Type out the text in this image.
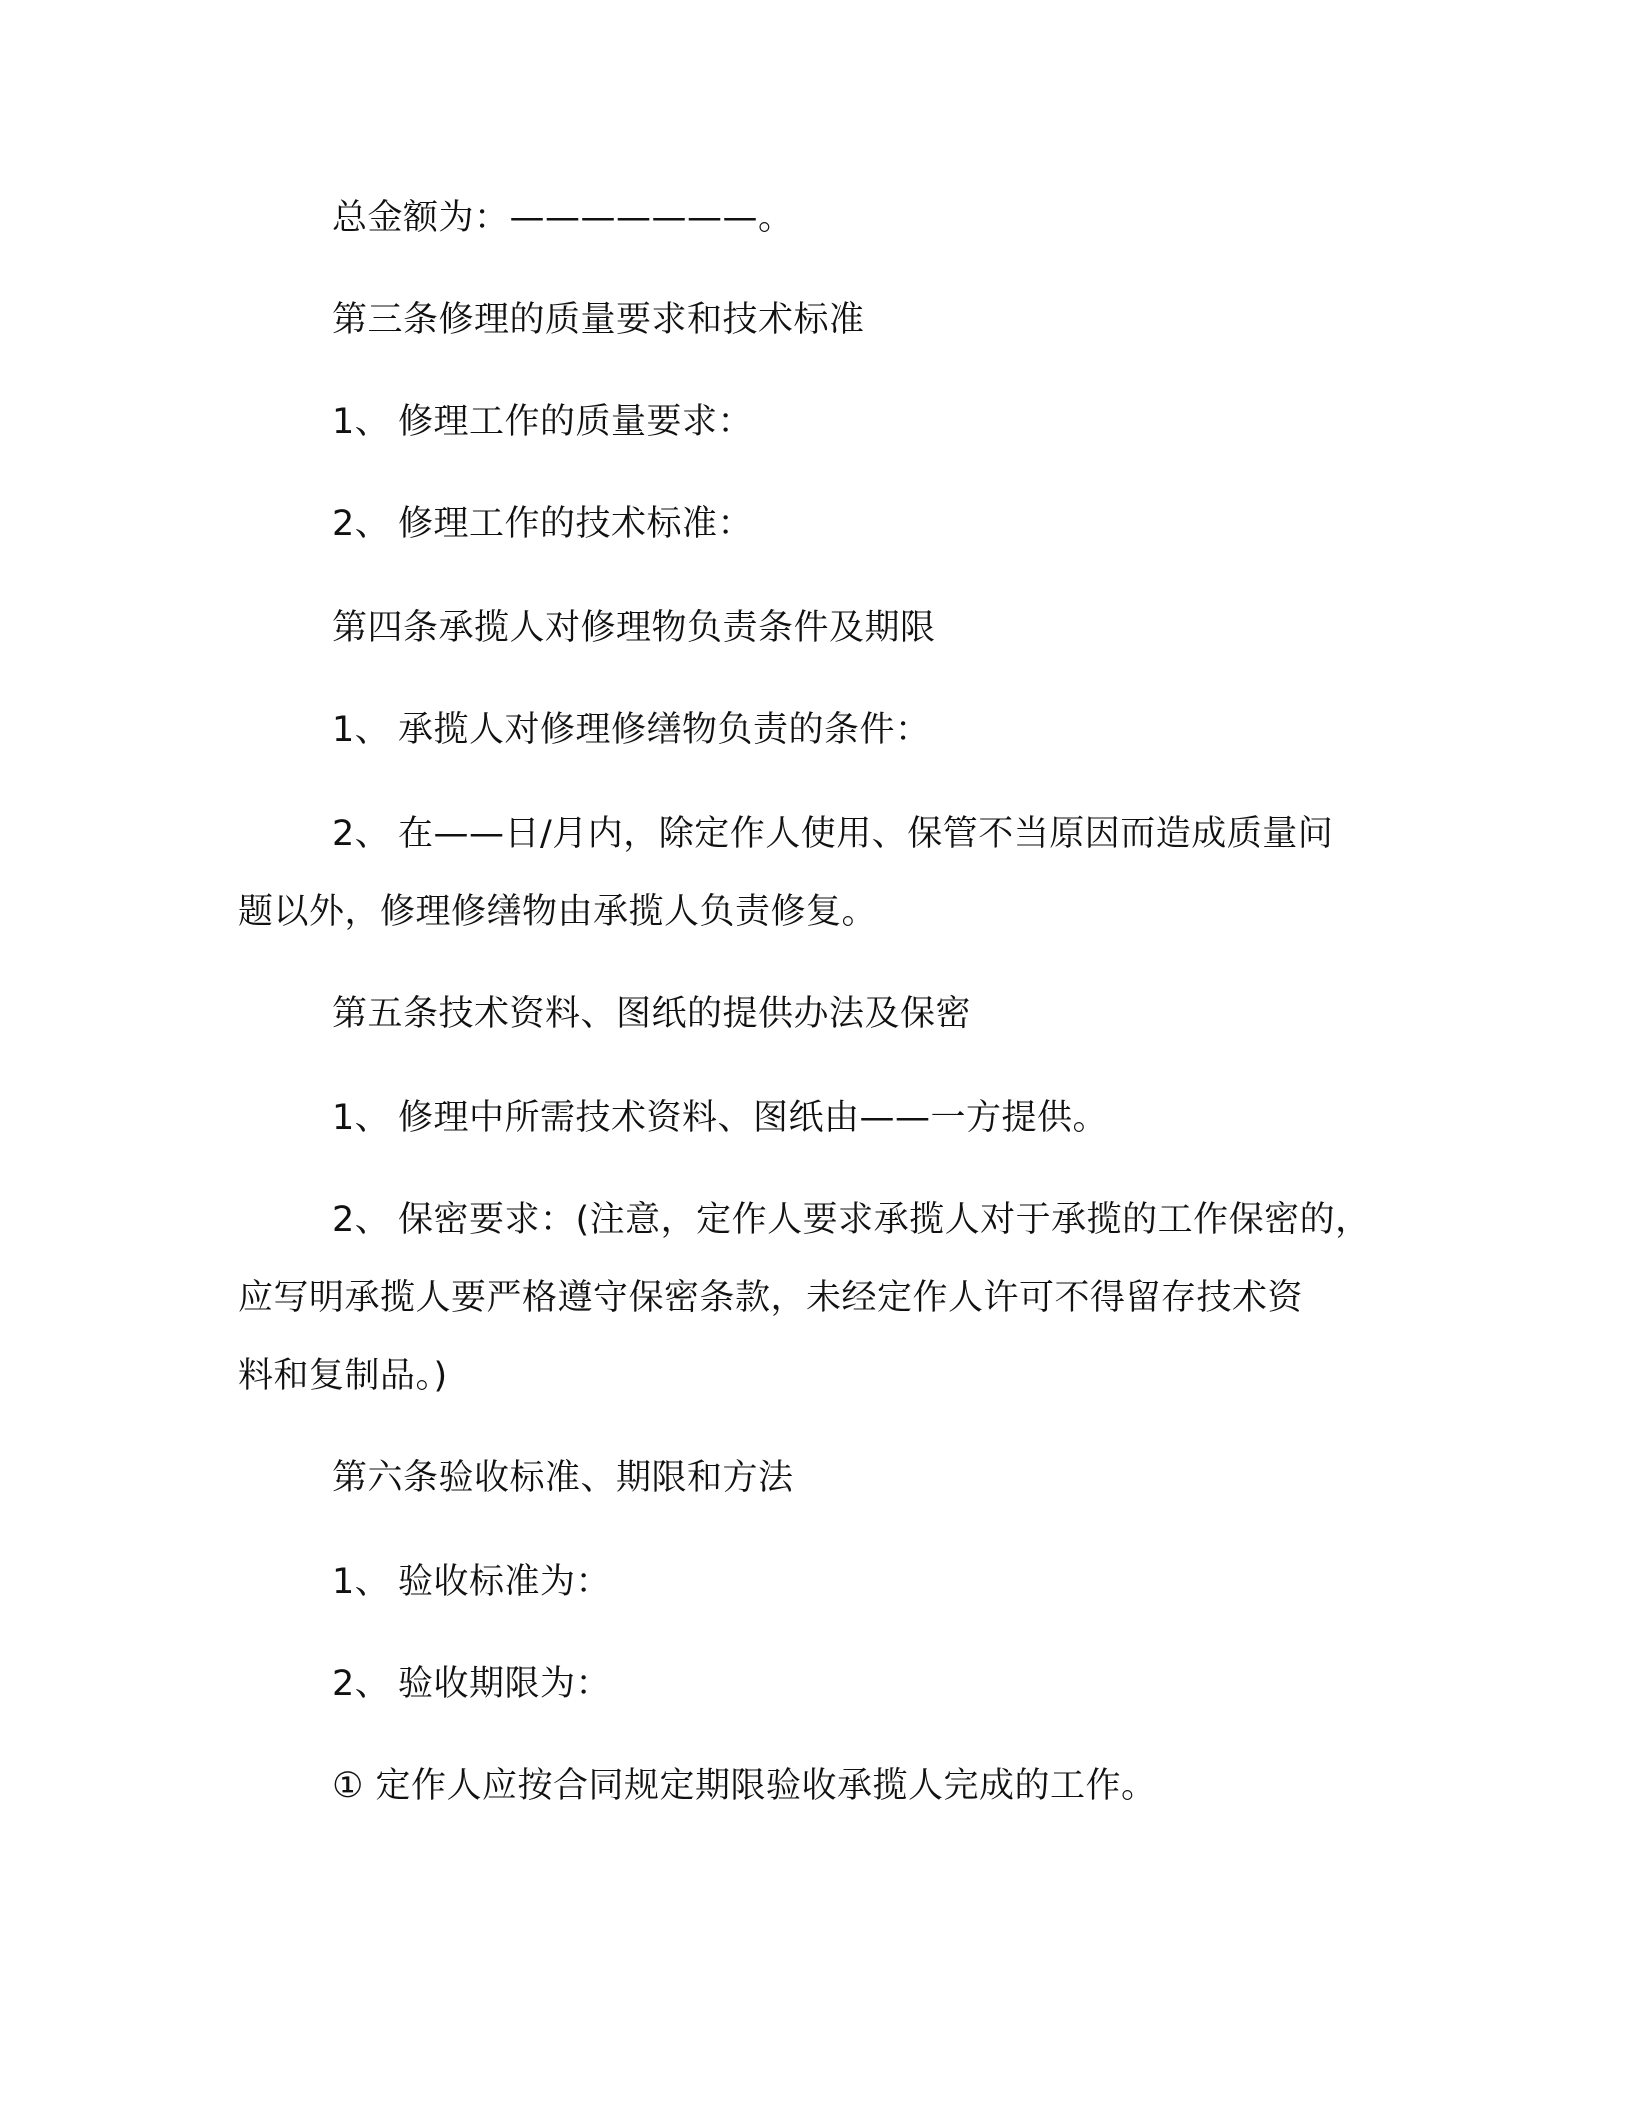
总金额为：———————。
第三条修理的质量要求和技术标准
1、 修理工作的质量要求：
2、 修理工作的技术标准：
第四条承揽人对修理物负责条件及期限
1、 承揽人对修理修缮物负责的条件：
2、 在——日/月内，除定作人使用、保管不当原因而造成质量问
题以外，修理修缮物由承揽人负责修复。
第五条技术资料、图纸的提供办法及保密
1、 修理中所需技术资料、图纸由——一方提供。
2、 保密要求：(注意，定作人要求承揽人对于承揽的工作保密的，
应写明承揽人要严格遵守保密条款，未经定作人许可不得留存技术资
料和复制品。)
第六条验收标准、期限和方法
1、 验收标准为：
2、 验收期限为：
① 定作人应按合同规定期限验收承揽人完成的工作。
